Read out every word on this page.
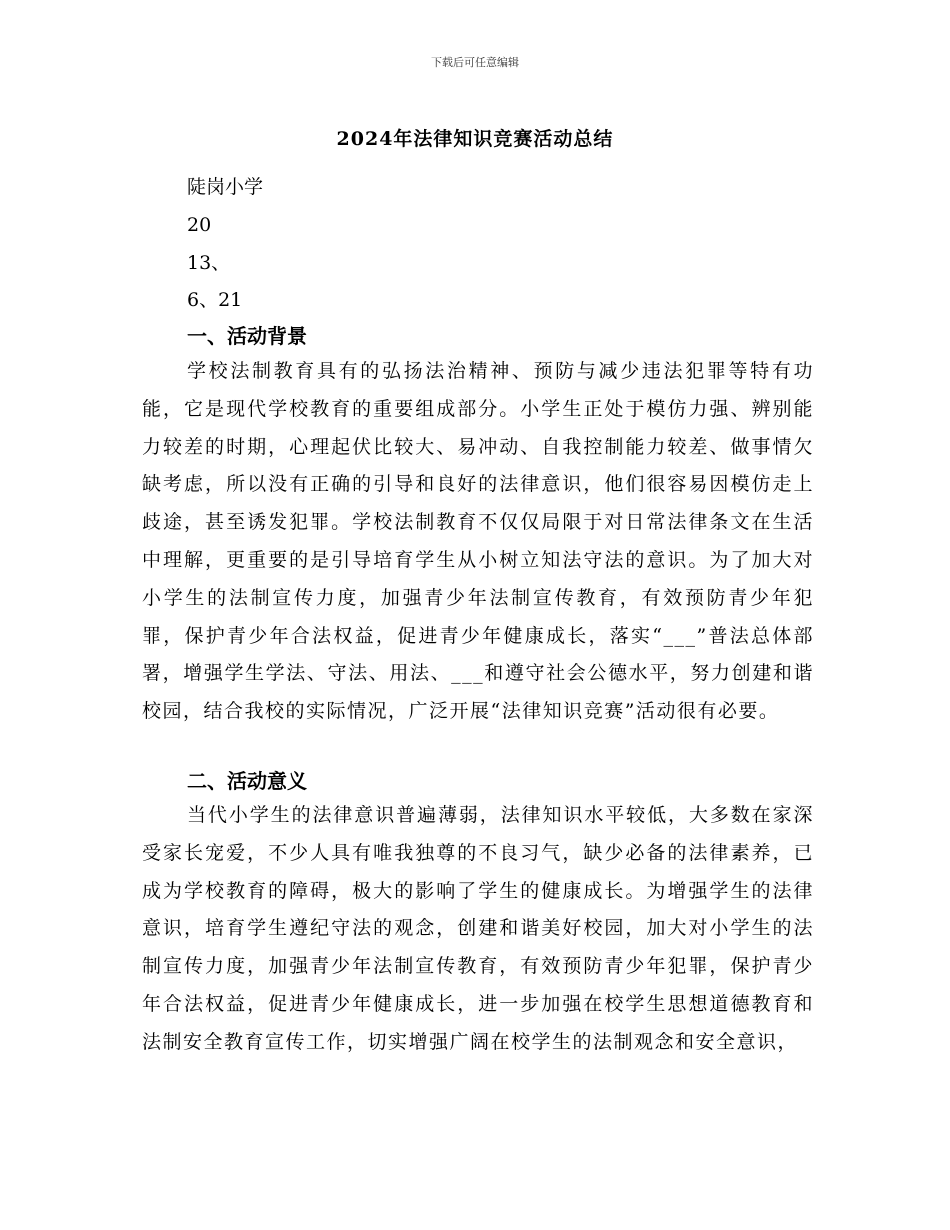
下载后可任意编辑
2024年法律知识竞赛活动总结
陡岗小学
20
13、
6、21
一、活动背景
学校法制教育具有的弘扬法治精神、预防与减少违法犯罪等特有功能，它是现代学校教育的重要组成部分。小学生正处于模仿力强、辨别能力较差的时期，心理起伏比较大、易冲动、自我控制能力较差、做事情欠缺考虑，所以没有正确的引导和良好的法律意识，他们很容易因模仿走上歧途，甚至诱发犯罪。学校法制教育不仅仅局限于对日常法律条文在生活中理解，更重要的是引导培育学生从小树立知法守法的意识。为了加大对小学生的法制宣传力度，加强青少年法制宣传教育，有效预防青少年犯罪，保护青少年合法权益，促进青少年健康成长，落实“___”普法总体部署，增强学生学法、守法、用法、___和遵守社会公德水平，努力创建和谐校园，结合我校的实际情况，广泛开展“法律知识竞赛”活动很有必要。
二、活动意义
当代小学生的法律意识普遍薄弱，法律知识水平较低，大多数在家深受家长宠爱，不少人具有唯我独尊的不良习气，缺少必备的法律素养，已成为学校教育的障碍，极大的影响了学生的健康成长。为增强学生的法律意识，培育学生遵纪守法的观念，创建和谐美好校园，加大对小学生的法制宣传力度，加强青少年法制宣传教育，有效预防青少年犯罪，保护青少年合法权益，促进青少年健康成长，进一步加强在校学生思想道德教育和法制安全教育宣传工作，切实增强广阔在校学生的法制观念和安全意识，
